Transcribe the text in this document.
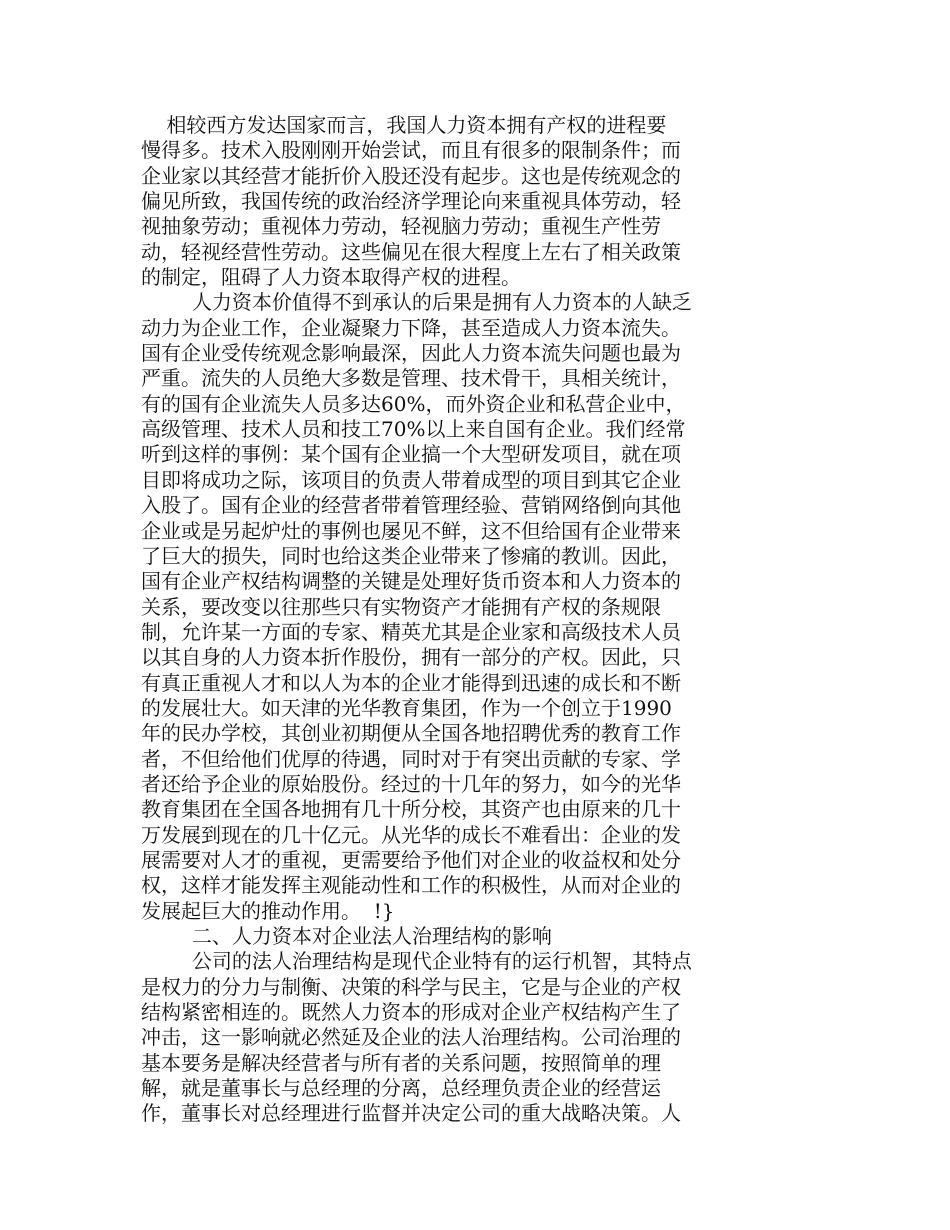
相较西方发达国家而言，我国人力资本拥有产权的进程要
慢得多。技术入股刚刚开始尝试，而且有很多的限制条件；而
企业家以其经营才能折价入股还没有起步。这也是传统观念的
偏见所致，我国传统的政治经济学理论向来重视具体劳动，轻
视抽象劳动；重视体力劳动，轻视脑力劳动；重视生产性劳
动，轻视经营性劳动。这些偏见在很大程度上左右了相关政策
的制定，阻碍了人力资本取得产权的进程。
人力资本价值得不到承认的后果是拥有人力资本的人缺乏
动力为企业工作，企业凝聚力下降，甚至造成人力资本流失。
国有企业受传统观念影响最深，因此人力资本流失问题也最为
严重。流失的人员绝大多数是管理、技术骨干，具相关统计，
有的国有企业流失人员多达60%，而外资企业和私营企业中，
高级管理、技术人员和技工70%以上来自国有企业。我们经常
听到这样的事例：某个国有企业搞一个大型研发项目，就在项
目即将成功之际，该项目的负责人带着成型的项目到其它企业
入股了。国有企业的经营者带着管理经验、营销网络倒向其他
企业或是另起炉灶的事例也屡见不鲜，这不但给国有企业带来
了巨大的损失，同时也给这类企业带来了惨痛的教训。因此，
国有企业产权结构调整的关键是处理好货币资本和人力资本的
关系，要改变以往那些只有实物资产才能拥有产权的条规限
制，允许某一方面的专家、精英尤其是企业家和高级技术人员
以其自身的人力资本折作股份，拥有一部分的产权。因此，只
有真正重视人才和以人为本的企业才能得到迅速的成长和不断
的发展壮大。如天津的光华教育集团，作为一个创立于1990
年的民办学校，其创业初期便从全国各地招聘优秀的教育工作
者，不但给他们优厚的待遇，同时对于有突出贡献的专家、学
者还给予企业的原始股份。经过的十几年的努力，如今的光华
教育集团在全国各地拥有几十所分校，其资产也由原来的几十
万发展到现在的几十亿元。从光华的成长不难看出：企业的发
展需要对人才的重视，更需要给予他们对企业的收益权和处分
权，这样才能发挥主观能动性和工作的积极性，从而对企业的
发展起巨大的推动作用。  !}
二、人力资本对企业法人治理结构的影响
公司的法人治理结构是现代企业特有的运行机智，其特点
是权力的分力与制衡、决策的科学与民主，它是与企业的产权
结构紧密相连的。既然人力资本的形成对企业产权结构产生了
冲击，这一影响就必然延及企业的法人治理结构。公司治理的
基本要务是解决经营者与所有者的关系问题，按照简单的理
解，就是董事长与总经理的分离，总经理负责企业的经营运
作，董事长对总经理进行监督并决定公司的重大战略决策。人
